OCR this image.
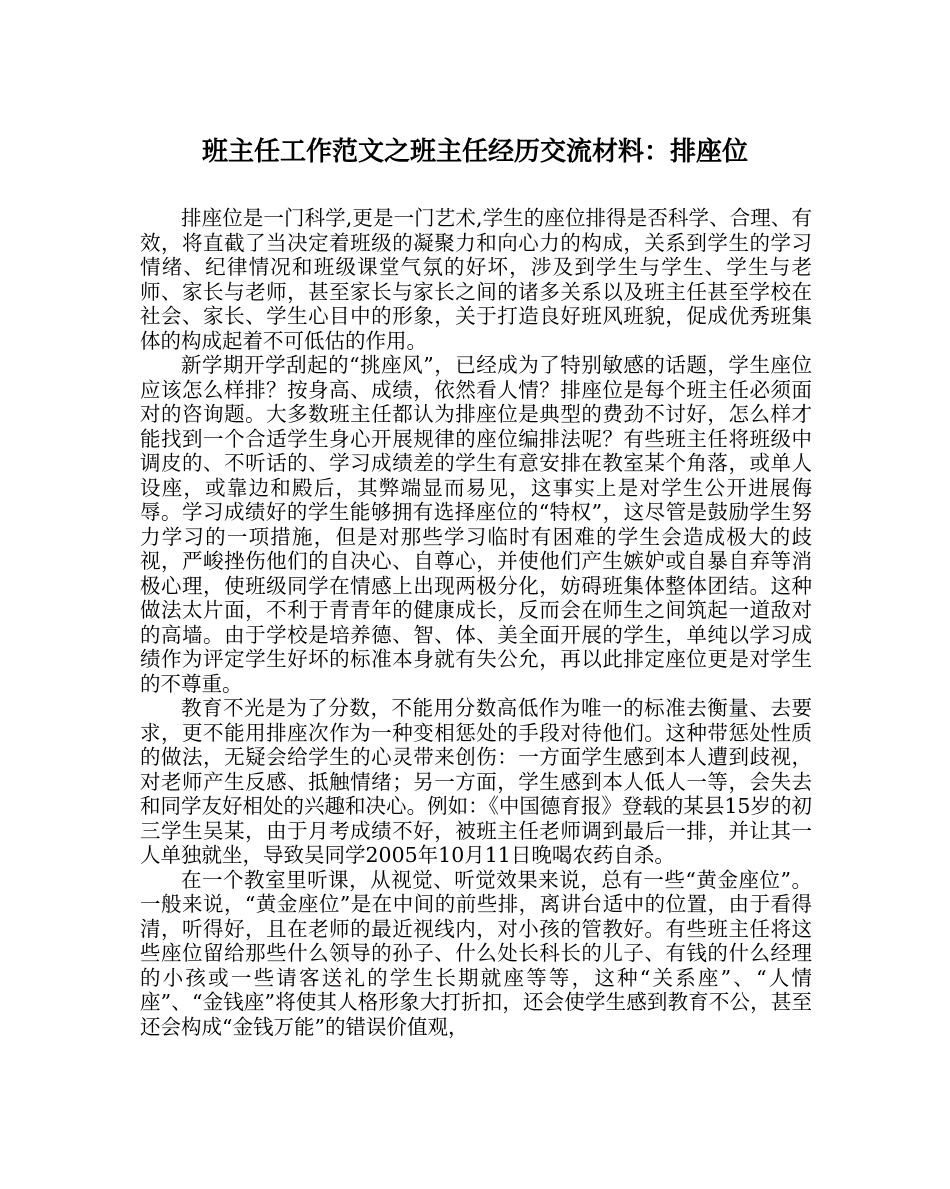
班主任工作范文之班主任经历交流材料：排座位

排座位是一门科学,更是一门艺术,学生的座位排得是否科学、合理、有效，将直截了当决定着班级的凝聚力和向心力的构成，关系到学生的学习情绪、纪律情况和班级课堂气氛的好坏，涉及到学生与学生、学生与老师、家长与老师，甚至家长与家长之间的诸多关系以及班主任甚至学校在社会、家长、学生心目中的形象，关于打造良好班风班貌，促成优秀班集体的构成起着不可低估的作用。

新学期开学刮起的“挑座风”，已经成为了特别敏感的话题，学生座位应该怎么样排？按身高、成绩，依然看人情？排座位是每个班主任必须面对的咨询题。大多数班主任都认为排座位是典型的费劲不讨好，怎么样才能找到一个合适学生身心开展规律的座位编排法呢？有些班主任将班级中调皮的、不听话的、学习成绩差的学生有意安排在教室某个角落，或单人设座，或靠边和殿后，其弊端显而易见，这事实上是对学生公开进展侮辱。学习成绩好的学生能够拥有选择座位的“特权”，这尽管是鼓励学生努力学习的一项措施，但是对那些学习临时有困难的学生会造成极大的歧视，严峻挫伤他们的自决心、自尊心，并使他们产生嫉妒或自暴自弃等消极心理，使班级同学在情感上出现两极分化，妨碍班集体整体团结。这种做法太片面，不利于青青年的健康成长，反而会在师生之间筑起一道敌对的高墙。由于学校是培养德、智、体、美全面开展的学生，单纯以学习成绩作为评定学生好坏的标准本身就有失公允，再以此排定座位更是对学生的不尊重。

教育不光是为了分数，不能用分数高低作为唯一的标准去衡量、去要求，更不能用排座次作为一种变相惩处的手段对待他们。这种带惩处性质的做法，无疑会给学生的心灵带来创伤：一方面学生感到本人遭到歧视，对老师产生反感、抵触情绪；另一方面，学生感到本人低人一等，会失去和同学友好相处的兴趣和决心。例如：《中国德育报》登载的某县15岁的初三学生吴某，由于月考成绩不好，被班主任老师调到最后一排，并让其一人单独就坐，导致吴同学2005年10月11日晚喝农药自杀。

在一个教室里听课，从视觉、听觉效果来说，总有一些“黄金座位”。一般来说，“黄金座位”是在中间的前些排，离讲台适中的位置，由于看得清，听得好，且在老师的最近视线内，对小孩的管教好。有些班主任将这些座位留给那些什么领导的孙子、什么处长科长的儿子、有钱的什么经理的小孩或一些请客送礼的学生长期就座等等，这种“关系座”、“人情座”、“金钱座”将使其人格形象大打折扣，还会使学生感到教育不公，甚至还会构成“金钱万能”的错误价值观，
